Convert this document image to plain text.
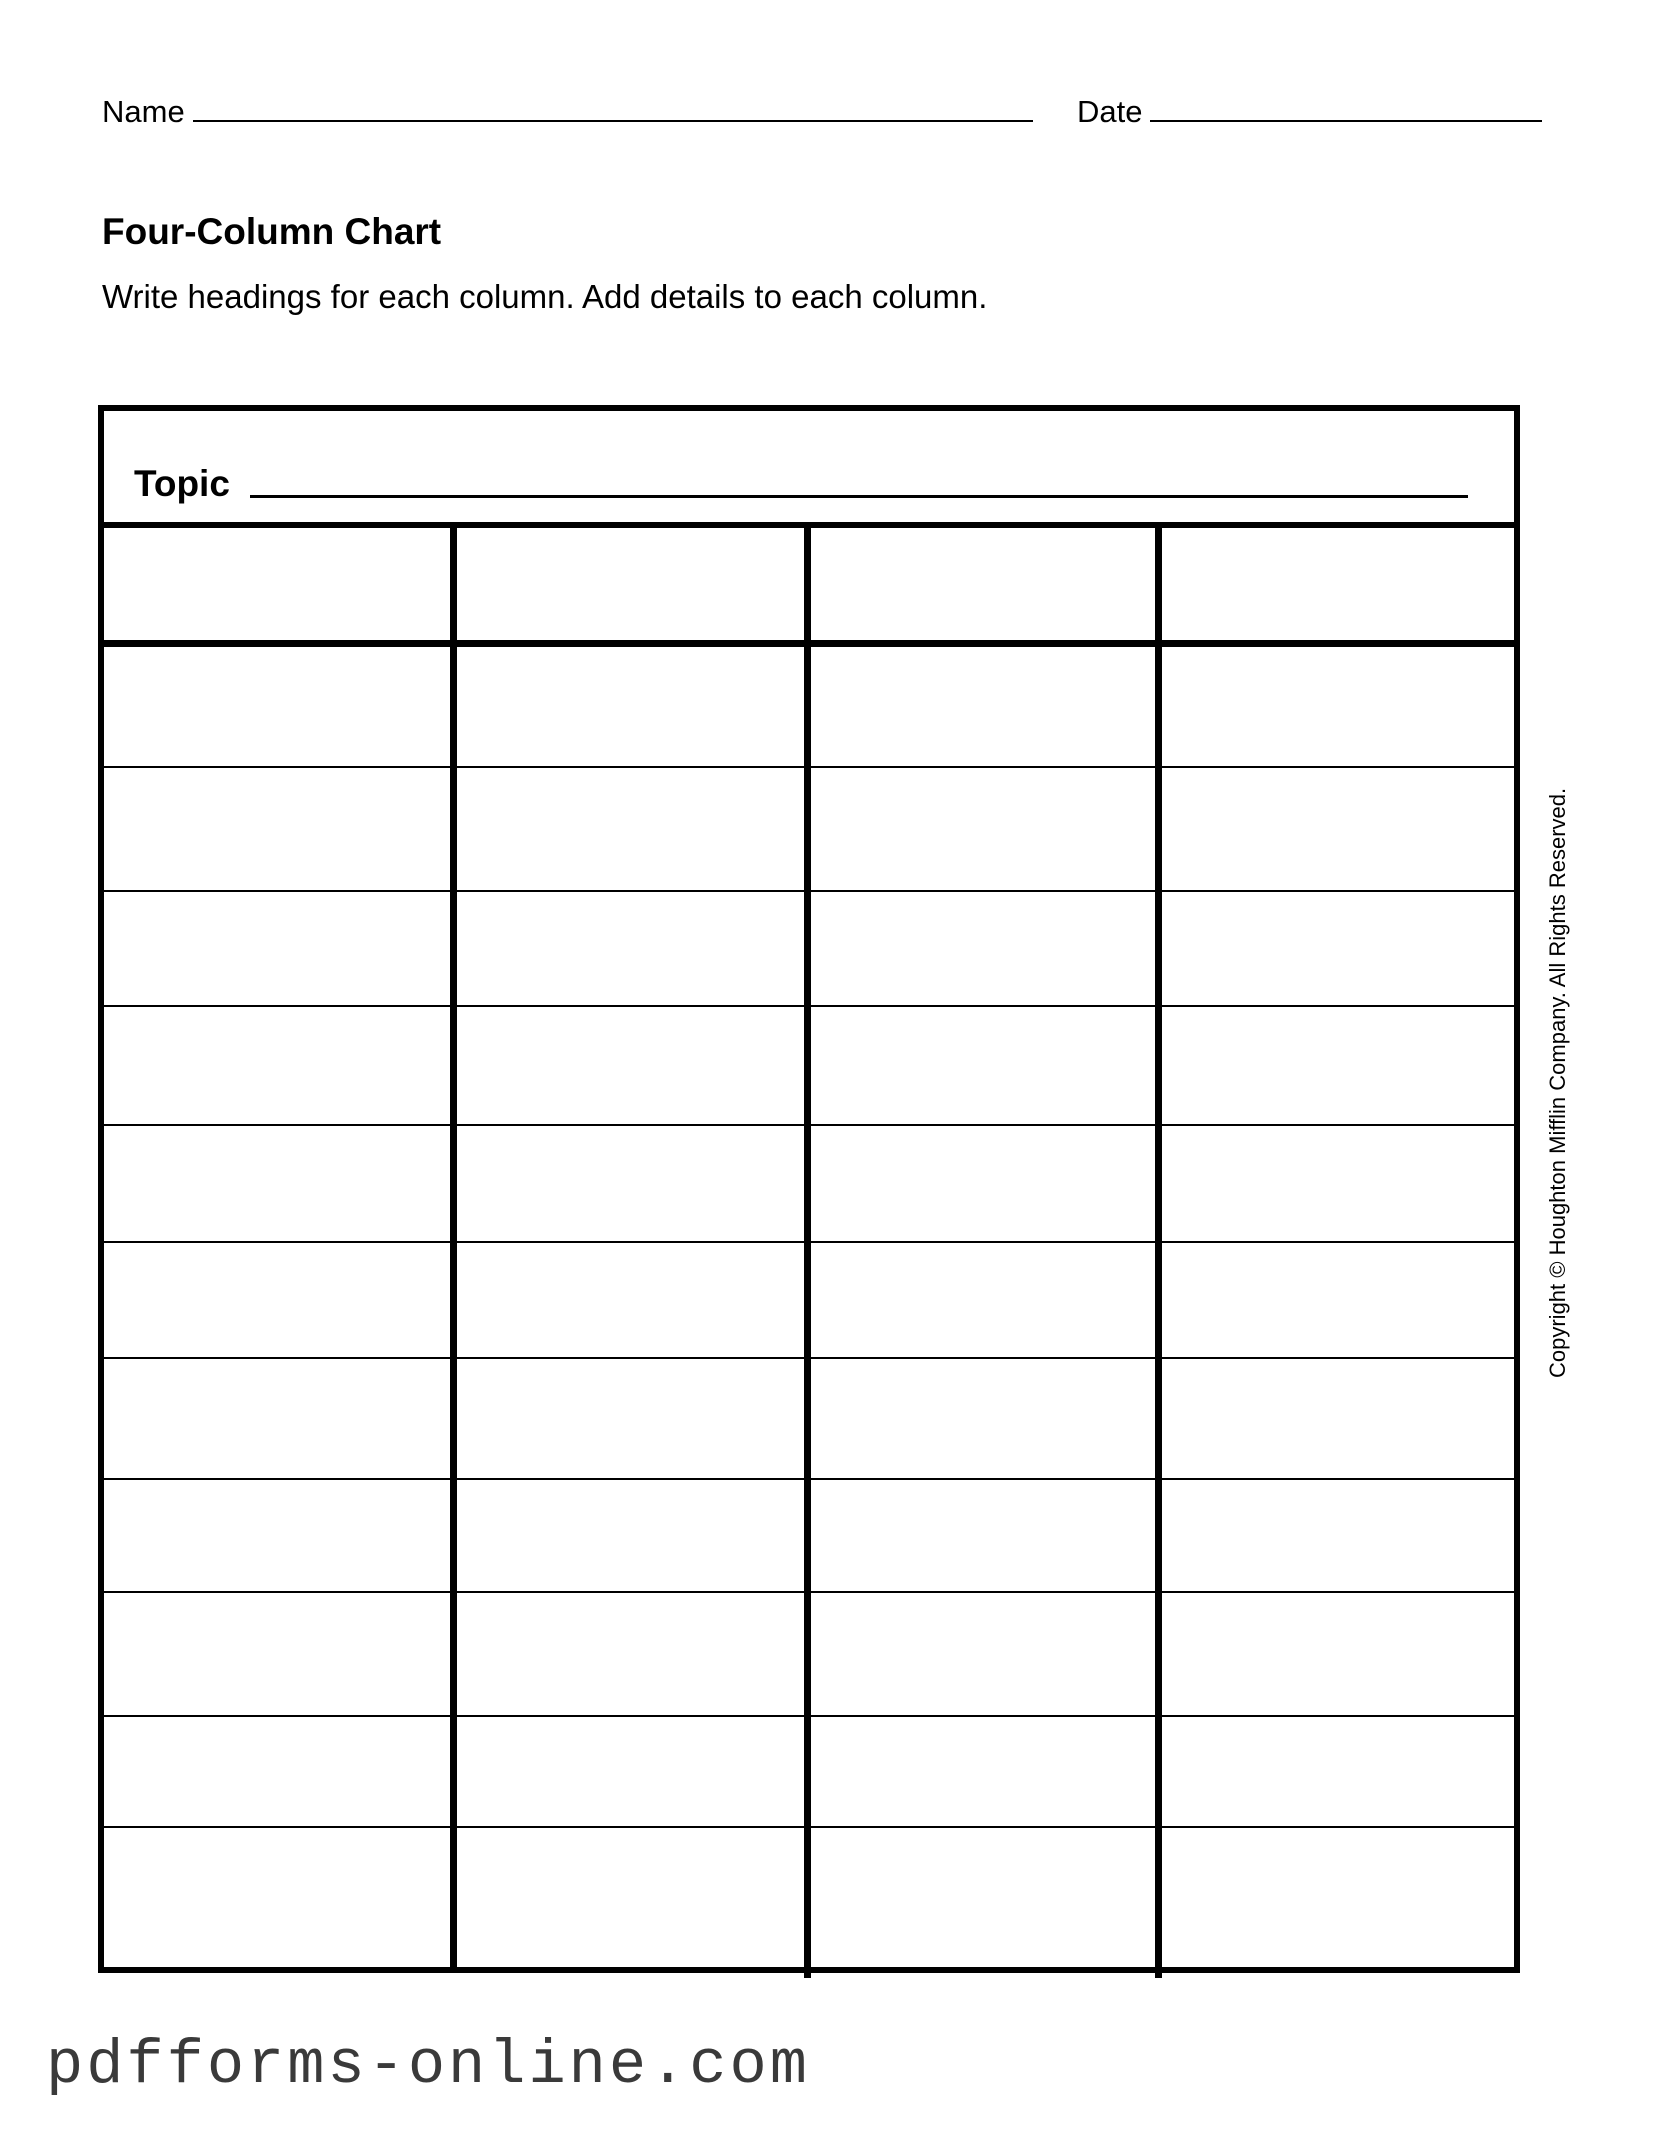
Name	Date
Four-Column Chart
Write headings for each column. Add details to each column.
Topic
Copyright © Houghton Mifflin Company. All Rights Reserved.
pdfforms-online.com
